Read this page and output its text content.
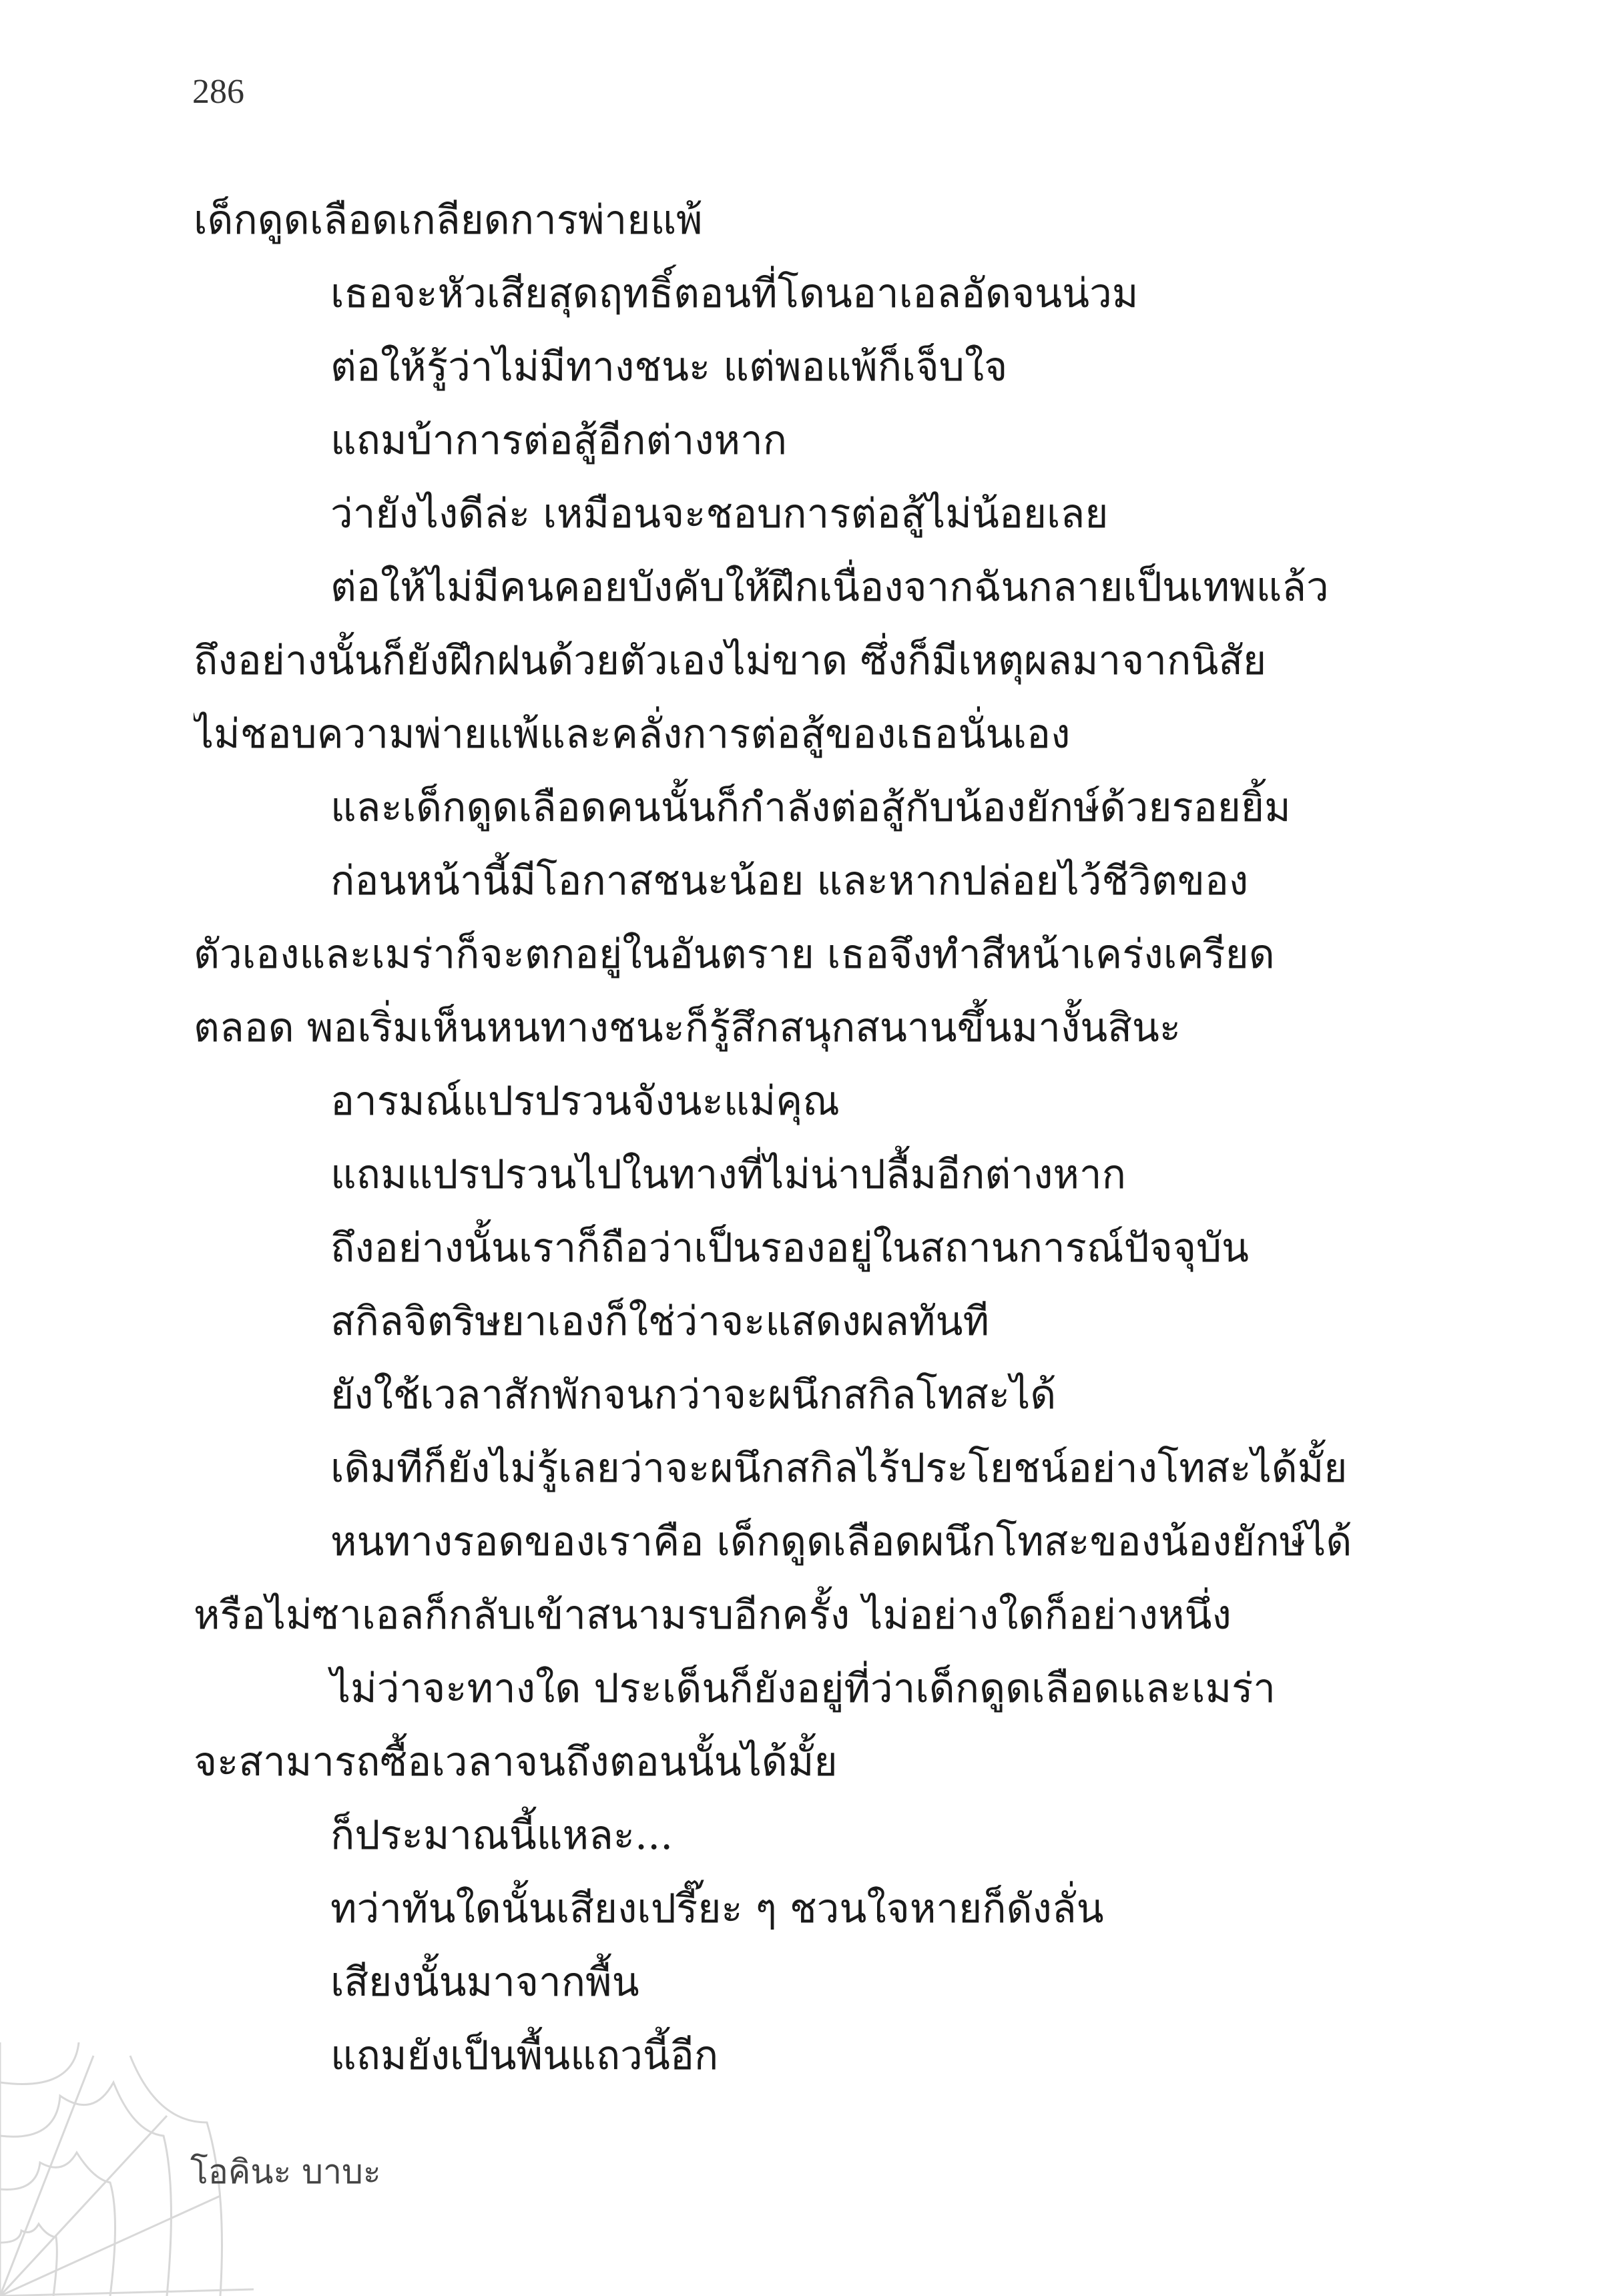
286
เด็กดูดเลือดเกลียดการพ่ายแพ้
เธอจะหัวเสียสุดฤทธิ์ตอนที่โดนอาเอลอัดจนน่วม
ต่อให้รู้ว่าไม่มีทางชนะ แต่พอแพ้ก็เจ็บใจ
แถมบ้าการต่อสู้อีกต่างหาก
ว่ายังไงดีล่ะ เหมือนจะชอบการต่อสู้ไม่น้อยเลย
ต่อให้ไม่มีคนคอยบังคับให้ฝึกเนื่องจากฉันกลายเป็นเทพแล้ว
ถึงอย่างนั้นก็ยังฝึกฝนด้วยตัวเองไม่ขาด ซึ่งก็มีเหตุผลมาจากนิสัย
ไม่ชอบความพ่ายแพ้และคลั่งการต่อสู้ของเธอนั่นเอง
และเด็กดูดเลือดคนนั้นก็กำลังต่อสู้กับน้องยักษ์ด้วยรอยยิ้ม
ก่อนหน้านี้มีโอกาสชนะน้อย และหากปล่อยไว้ชีวิตของ
ตัวเองและเมร่าก็จะตกอยู่ในอันตราย เธอจึงทำสีหน้าเคร่งเครียด
ตลอด พอเริ่มเห็นหนทางชนะก็รู้สึกสนุกสนานขึ้นมางั้นสินะ
อารมณ์แปรปรวนจังนะแม่คุณ
แถมแปรปรวนไปในทางที่ไม่น่าปลื้มอีกต่างหาก
ถึงอย่างนั้นเราก็ถือว่าเป็นรองอยู่ในสถานการณ์ปัจจุบัน
สกิลจิตริษยาเองก็ใช่ว่าจะแสดงผลทันที
ยังใช้เวลาสักพักจนกว่าจะผนึกสกิลโทสะได้
เดิมทีก็ยังไม่รู้เลยว่าจะผนึกสกิลไร้ประโยชน์อย่างโทสะได้มั้ย
หนทางรอดของเราคือ เด็กดูดเลือดผนึกโทสะของน้องยักษ์ได้
หรือไม่ซาเอลก็กลับเข้าสนามรบอีกครั้ง ไม่อย่างใดก็อย่างหนึ่ง
ไม่ว่าจะทางใด ประเด็นก็ยังอยู่ที่ว่าเด็กดูดเลือดและเมร่า
จะสามารถซื้อเวลาจนถึงตอนนั้นได้มั้ย
ก็ประมาณนี้แหละ...
ทว่าทันใดนั้นเสียงเปรี๊ยะ ๆ ชวนใจหายก็ดังลั่น
เสียงนั้นมาจากพื้น
แถมยังเป็นพื้นแถวนี้อีก
โอคินะ บาบะ
